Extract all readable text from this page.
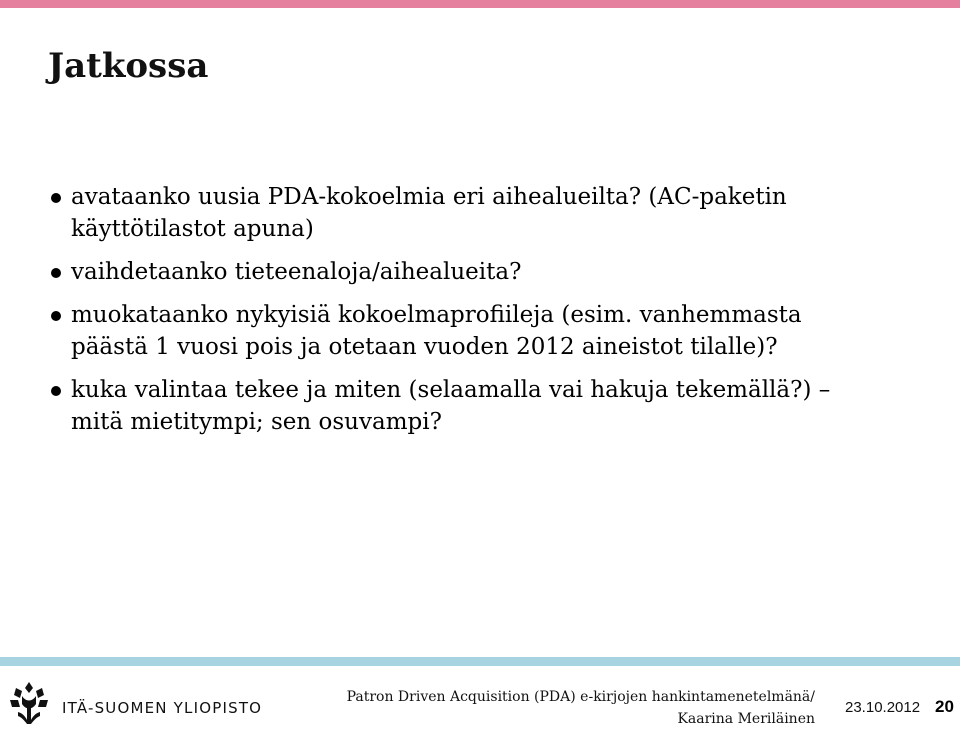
Jatkossa
avataanko uusia PDA-kokoelmia eri aihealueilta? (AC-paketin
käyttötilastot apuna)
vaihdetaanko tieteenaloja/aihealueita?
muokataanko nykyisiä kokoelmaprofiileja (esim. vanhemmasta
päästä 1 vuosi pois ja otetaan vuoden 2012 aineistot tilalle)?
kuka valintaa tekee ja miten (selaamalla vai hakuja tekemällä?) –
mitä mietitympi; sen osuvampi?
ITÄ-SUOMEN YLIOPISTO
Patron Driven Acquisition (PDA) e-kirjojen hankintamenetelmänä/
Kaarina Meriläinen
23.10.2012 20
